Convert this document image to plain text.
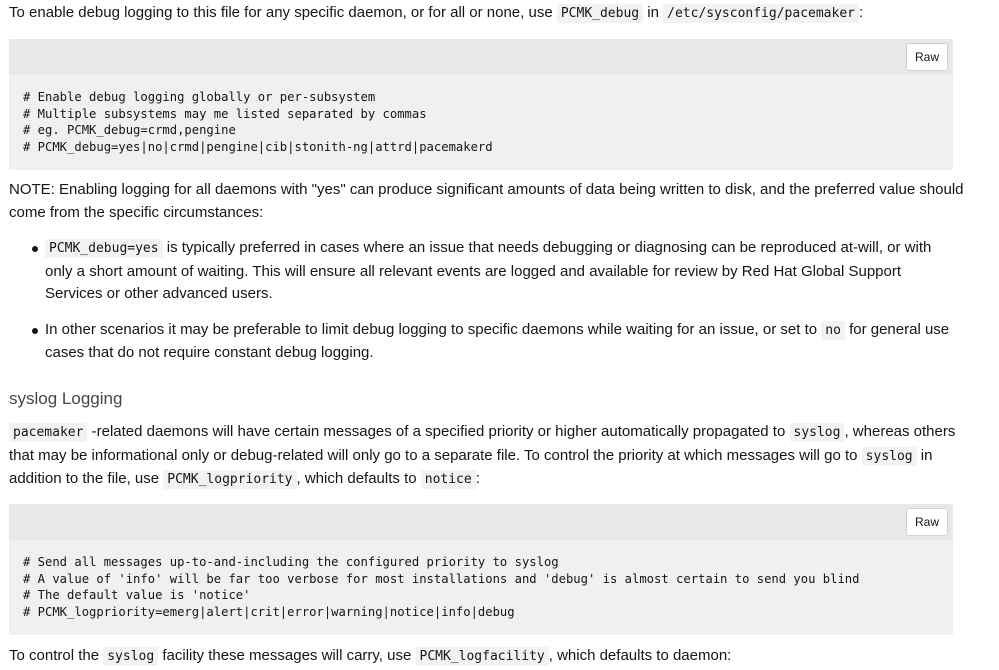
To enable debug logging to this file for any specific daemon, or for all or none, use PCMK_debug in /etc/sysconfig/pacemaker :

Raw
# Enable debug logging globally or per-subsystem
# Multiple subsystems may me listed separated by commas
# eg. PCMK_debug=crmd,pengine
# PCMK_debug=yes|no|crmd|pengine|cib|stonith-ng|attrd|pacemakerd

NOTE: Enabling logging for all daemons with "yes" can produce significant amounts of data being written to disk, and the preferred value should come from the specific circumstances:

PCMK_debug=yes is typically preferred in cases where an issue that needs debugging or diagnosing can be reproduced at-will, or with only a short amount of waiting. This will ensure all relevant events are logged and available for review by Red Hat Global Support Services or other advanced users.
In other scenarios it may be preferable to limit debug logging to specific daemons while waiting for an issue, or set to no for general use cases that do not require constant debug logging.
syslog Logging

pacemaker -related daemons will have certain messages of a specified priority or higher automatically propagated to syslog , whereas others that may be informational only or debug-related will only go to a separate file. To control the priority at which messages will go to syslog in addition to the file, use PCMK_logpriority , which defaults to notice :

Raw
# Send all messages up-to-and-including the configured priority to syslog
# A value of 'info' will be far too verbose for most installations and 'debug' is almost certain to send you blind
# The default value is 'notice'
# PCMK_logpriority=emerg|alert|crit|error|warning|notice|info|debug

To control the syslog facility these messages will carry, use PCMK_logfacility , which defaults to daemon:
